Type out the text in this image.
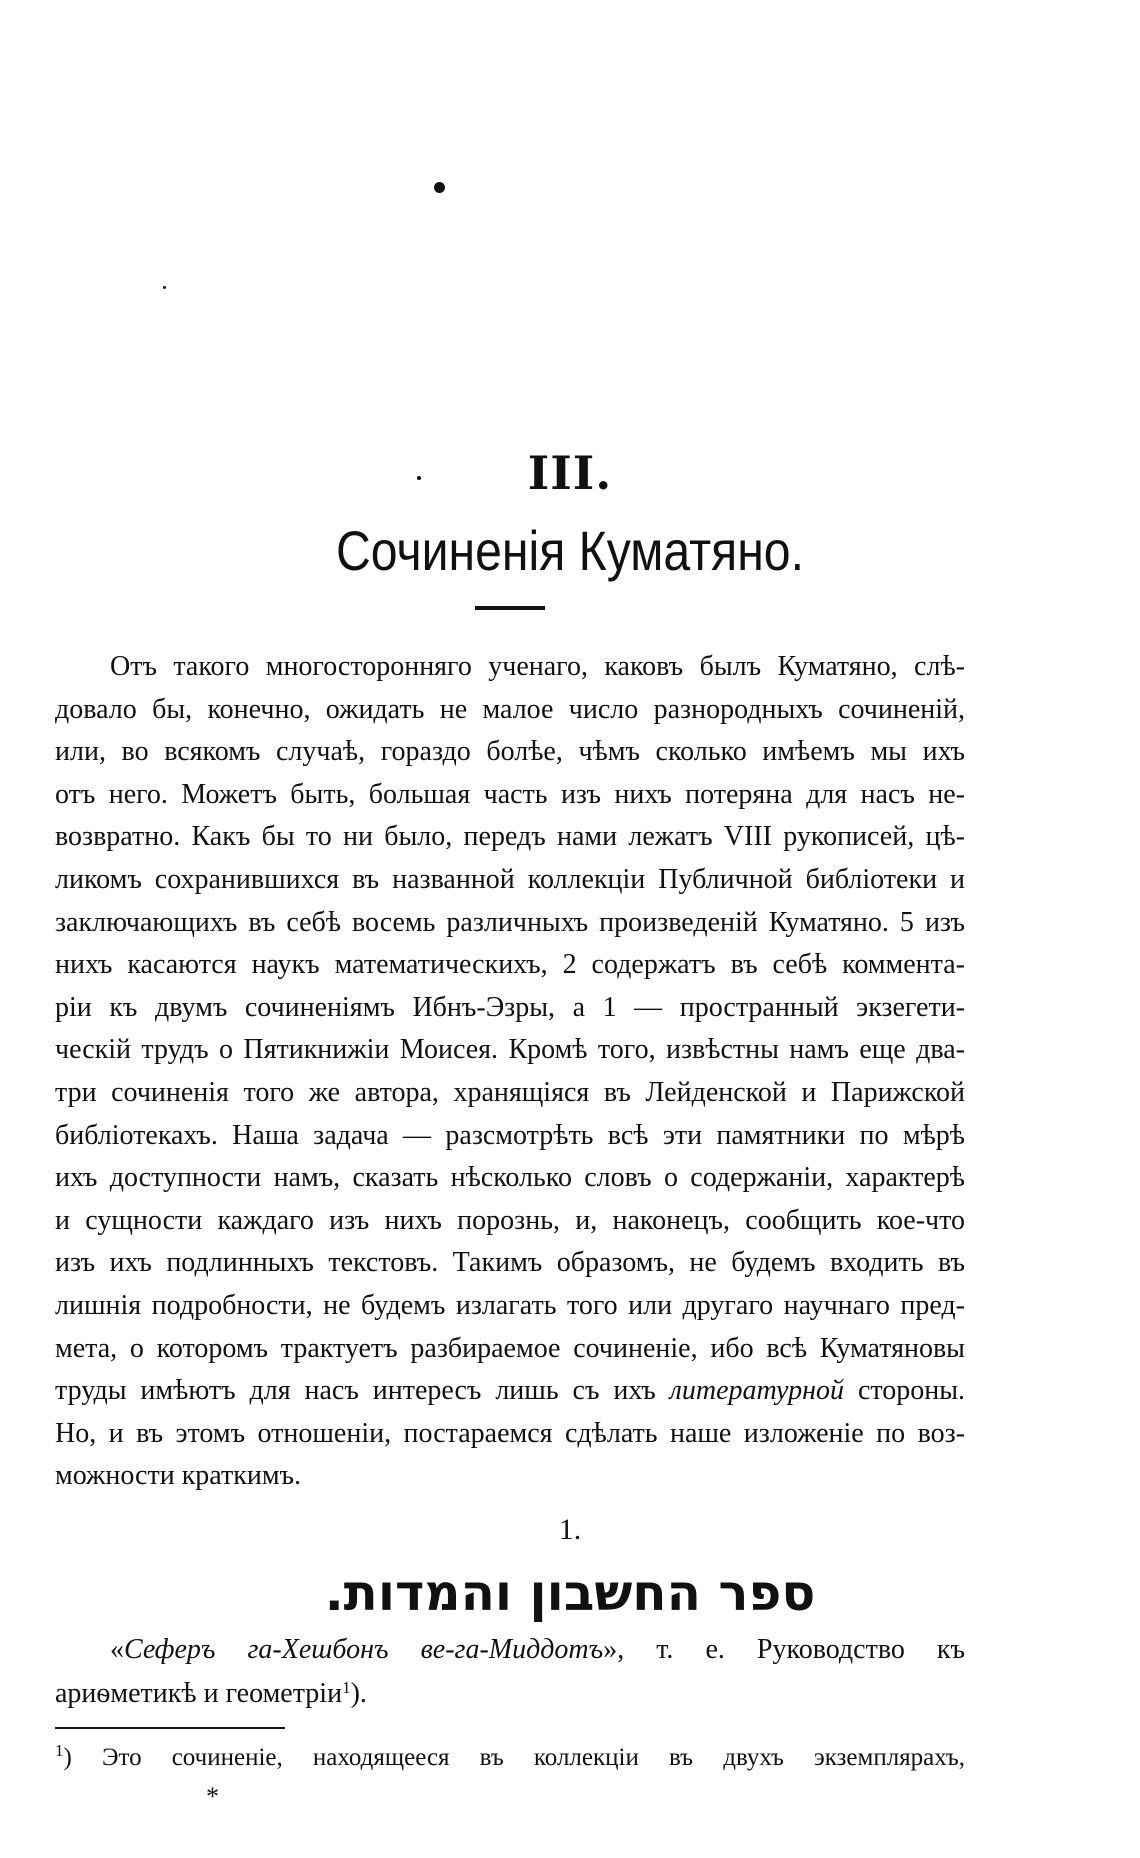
III.
Сочиненія Куматяно.
Отъ такого многосторонняго ученаго, каковъ былъ Куматяно, слѣ-
довало бы, конечно, ожидать не малое число разнородныхъ сочиненій,
или, во всякомъ случаѣ, гораздо болѣе, чѣмъ сколько имѣемъ мы ихъ
отъ него. Можетъ быть, большая часть изъ нихъ потеряна для насъ не-
возвратно. Какъ бы то ни было, передъ нами лежатъ VIII рукописей, цѣ-
ликомъ сохранившихся въ названной коллекціи Публичной библіотеки и
заключающихъ въ себѣ восемь различныхъ произведеній Куматяно. 5 изъ
нихъ касаются наукъ математическихъ, 2 содержатъ въ себѣ коммента-
ріи къ двумъ сочиненіямъ Ибнъ-Эзры, а 1 — пространный экзегети-
ческій трудъ о Пятикнижіи Моисея. Кромѣ того, извѣстны намъ еще два-
три сочиненія того же автора, хранящіяся въ Лейденской и Парижской
библіотекахъ. Наша задача — разсмотрѣть всѣ эти памятники по мѣрѣ
ихъ доступности намъ, сказать нѣсколько словъ о содержаніи, характерѣ
и сущности каждаго изъ нихъ порознь, и, наконецъ, сообщить кое-что
изъ ихъ подлинныхъ текстовъ. Такимъ образомъ, не будемъ входить въ
лишнія подробности, не будемъ излагать того или другаго научнаго пред-
мета, о которомъ трактуетъ разбираемое сочиненіе, ибо всѣ Куматяновы
труды имѣютъ для насъ интересъ лишь съ ихъ литературной стороны.
Но, и въ этомъ отношеніи, постараемся сдѣлать наше изложеніе по воз-
можности краткимъ.
1.
ספר החשבון והמדות.
«Сеферъ га-Хешбонъ ве-га-Миддотъ», т. е. Руководство къ
ариѳметикѣ и геометріи$^1$).
$^1$) Это сочиненіе, находящееся въ коллекціи въ двухъ экземплярахъ,
*
